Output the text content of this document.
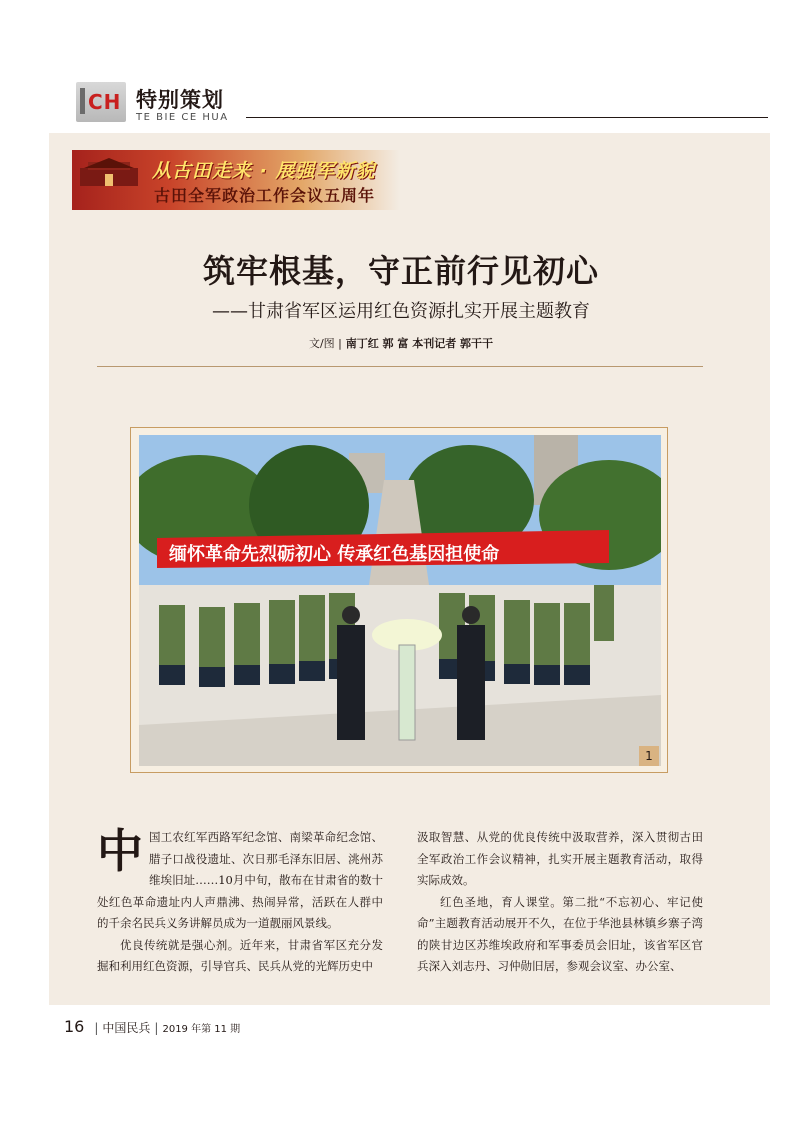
CH 特别策划
TE BIE CE HUA
从古田走来 · 展强军新貌
古田全军政治工作会议五周年
筑牢根基，守正前行见初心
——甘肃省军区运用红色资源扎实开展主题教育
文/图 | 南丁红 郭 富 本刊记者 郭干干
缅怀革命先烈砺初心 传承红色基因担使命
1

中国工农红军西路军纪念馆、南梁革命纪念馆、腊子口战役遗址、次日那毛泽东旧居、洮州苏维埃旧址……10月中旬，散布在甘肃省的数十处红色革命遗址内人声鼎沸、热闹异常，活跃在人群中的千余名民兵义务讲解员成为一道靓丽风景线。

优良传统就是强心剂。近年来，甘肃省军区充分发掘和利用红色资源，引导官兵、民兵从党的光辉历史中

汲取智慧、从党的优良传统中汲取营养，深入贯彻古田全军政治工作会议精神，扎实开展主题教育活动，取得实际成效。

红色圣地，育人课堂。第二批“不忘初心、牢记使命”主题教育活动展开不久，在位于华池县林镇乡寨子湾的陕甘边区苏维埃政府和军事委员会旧址，该省军区官兵深入刘志丹、习仲勋旧居，参观会议室、办公室、

16 | 中国民兵 | 2019 年第 11 期
